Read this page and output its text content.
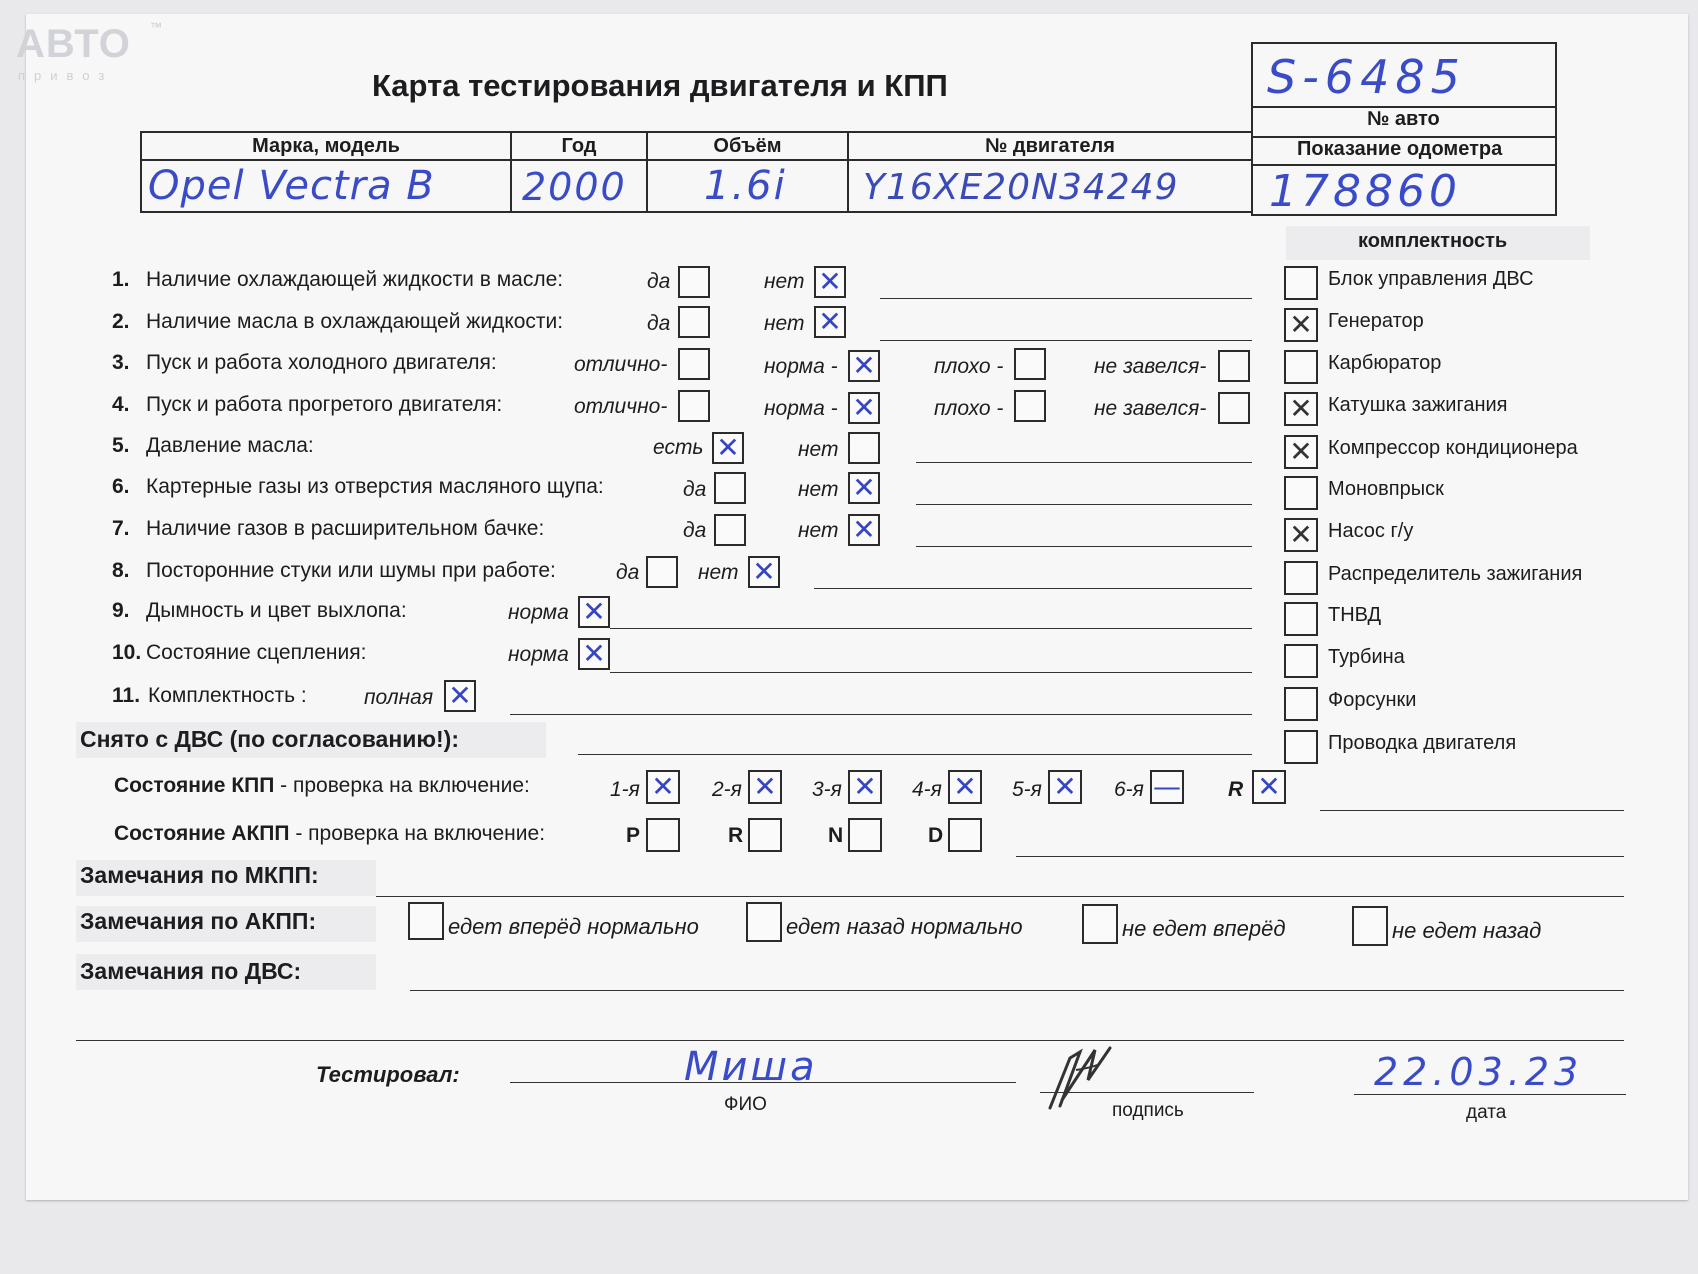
АВТО ™
привоз	Карта тестирования двигателя и КПП	S-6485
№ авто
Показание одометра
178860
Марка, модель	Год	Объём	№ двигателя

Opel Vectra B	2000	1.6i	Y16XE20N34249
комплектность
Блок управления ДВС
✕ Генератор
Карбюратор
✕ Катушка зажигания
✕ Компрессор кондиционера
Моновпрыск
✕ Насос г/у
Распределитель зажигания
ТНВД
Турбина
Форсунки
Проводка двигателя
1. Наличие охлаждающей жидкости в масле:	да	нет ✕
2. Наличие масла в охлаждающей жидкости:	да	нет ✕
3. Пуск и работа холодного двигателя:	отлично-	норма - ✕	плохо -	не завелся-
4. Пуск и работа прогретого двигателя:	отлично-	норма - ✕	плохо -	не завелся-
5. Давление масла:	есть ✕	нет
6. Картерные газы из отверстия масляного щупа:	да	нет ✕
7. Наличие газов в расширительном бачке:	да	нет ✕
8. Посторонние стуки или шумы при работе:	да	нет ✕
9. Дымность и цвет выхлопа:	норма ✕
10. Состояние сцепления:	норма ✕
11. Комплектность :	полная ✕
Снято с ДВС (по согласованию!):
Состояние КПП - проверка на включение:	1-я ✕ 2-я ✕ 3-я ✕ 4-я ✕ 5-я ✕ 6-я — R ✕
Состояние АКПП - проверка на включение:	P	R	N	D
Замечания по МКПП:
Замечания по АКПП:	едет вперёд нормально	едет назад нормально	не едет вперёд	не едет назад
Замечания по ДВС:
Тестировал:	Миша
ФИО	подпись
22.03.23
дата
